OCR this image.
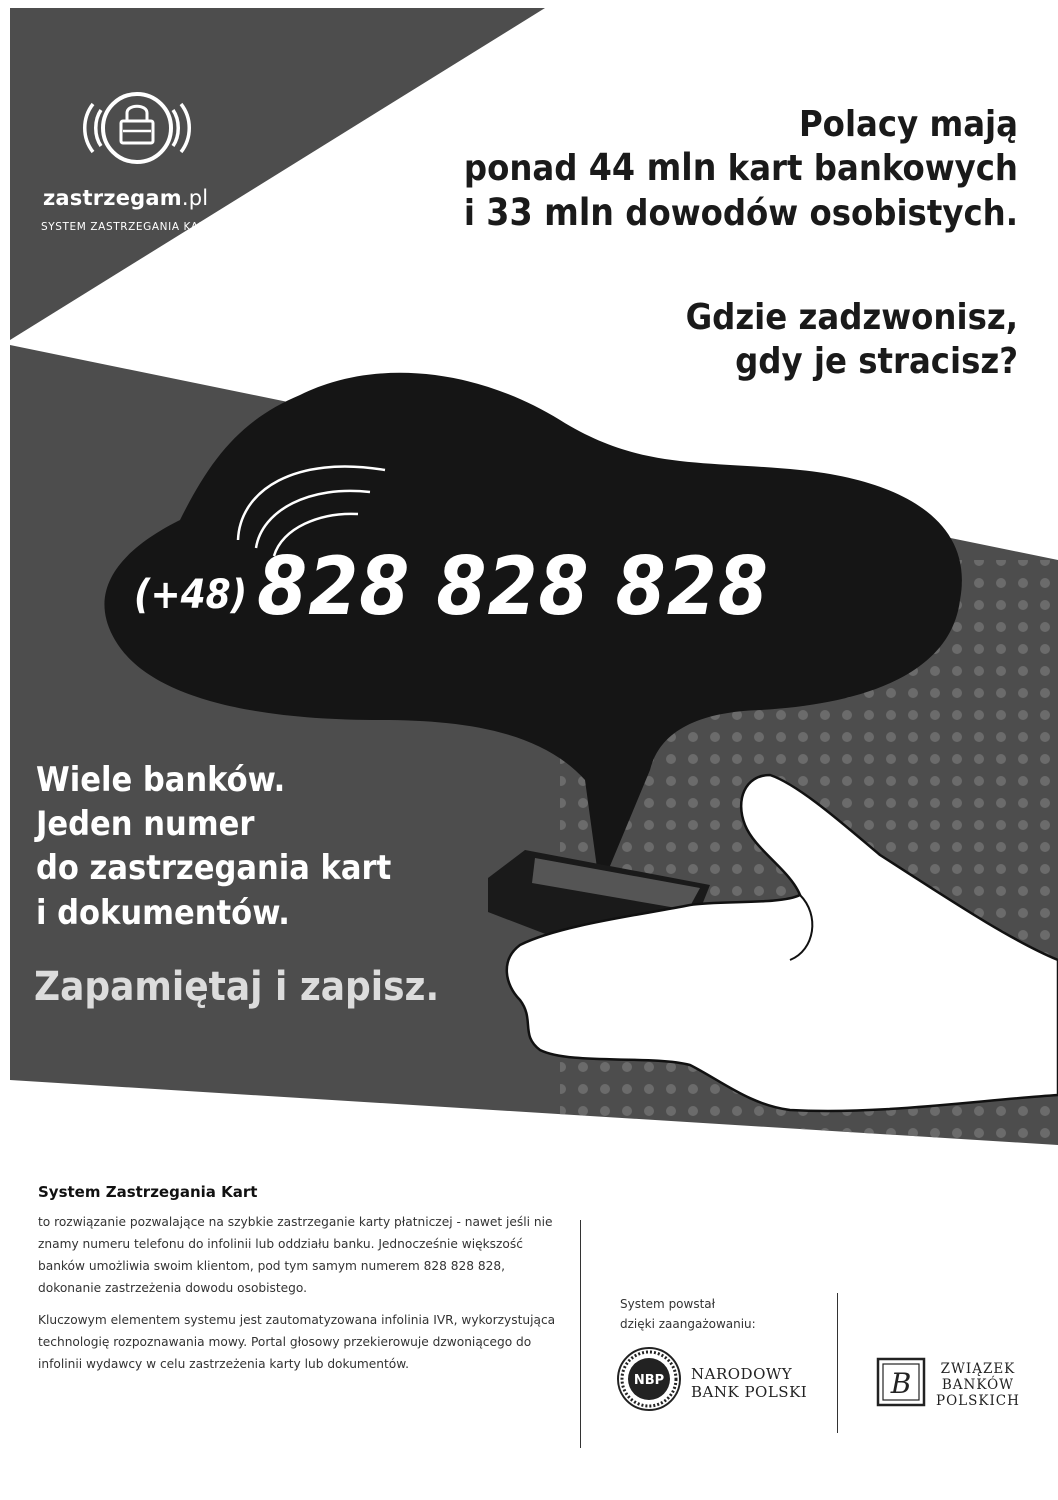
zastrzegam.pl
SYSTEM ZASTRZEGANIA KART
Polacy mają
ponad 44 mln kart bankowych
i 33 mln dowodów osobistych.
Gdzie zadzwonisz,
gdy je stracisz?
(+48) 828 828 828
Wiele banków.
Jeden numer
do zastrzegania kart
i dokumentów.
Zapamiętaj i zapisz.
System Zastrzegania Kart

to rozwiązanie pozwalające na szybkie zastrzeganie karty płatniczej - nawet jeśli nie znamy numeru telefonu do infolinii lub oddziału banku. Jednocześnie większość banków umożliwia swoim klientom, pod tym samym numerem 828 828 828, dokonanie zastrzeżenia dowodu osobistego.

Kluczowym elementem systemu jest zautomatyzowana infolinia IVR, wykorzystująca technologię rozpoznawania mowy. Portal głosowy przekierowuje dzwoniącego do infolinii wydawcy w celu zastrzeżenia karty lub dokumentów.

System powstał
dzięki zaangażowaniu:
NBP NARODOWY
BANK POLSKI	B	ZWIĄZEK
BANKÓW
POLSKICH
